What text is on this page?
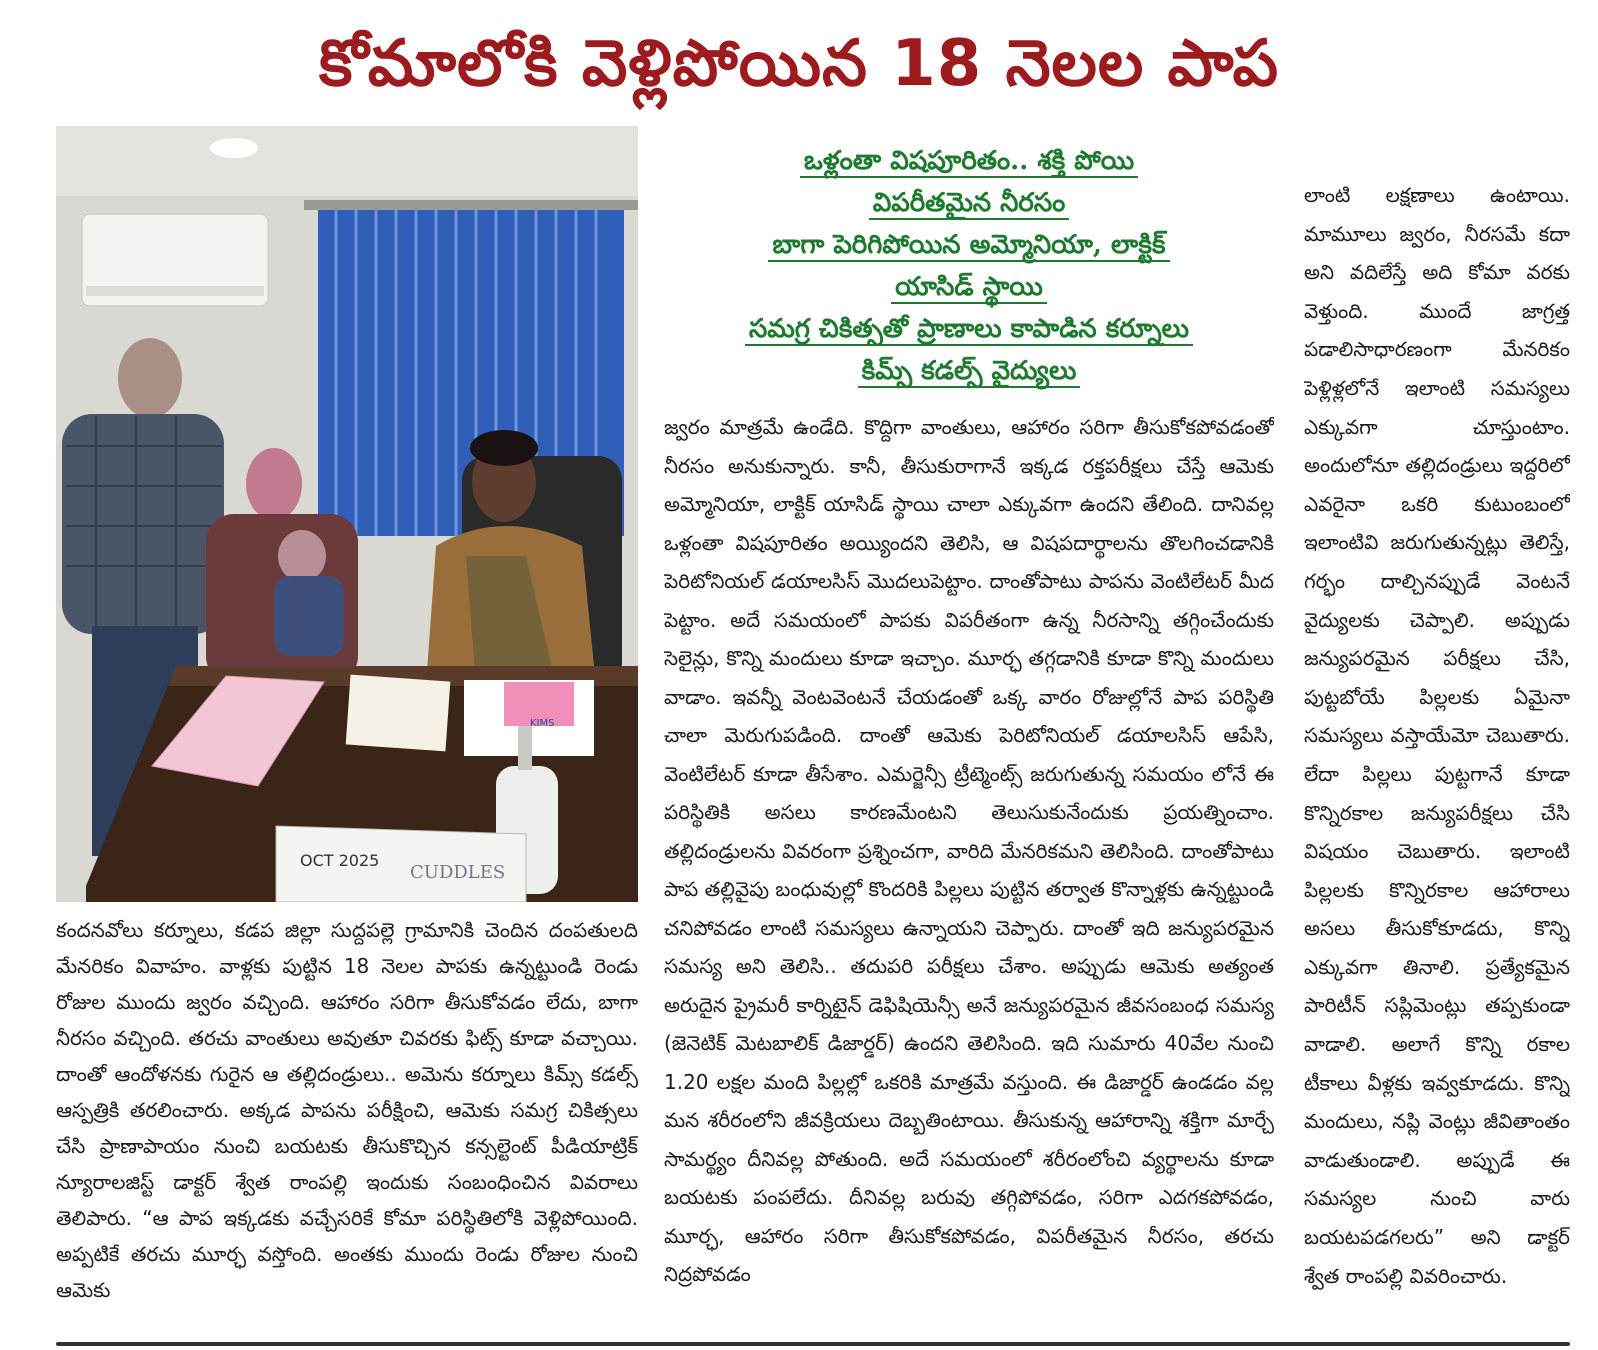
కోమాలోకి వెళ్లిపోయిన 18 నెలల పాప
OCT 2025
CUDDLES
KIMS
ఒళ్లంతా విషపూరితం.. శక్తి పోయి
విపరీతమైన నీరసం
బాగా పెరిగిపోయిన అమ్మోనియా, లాక్టిక్
యాసిడ్ స్థాయి
సమగ్ర చికిత్సతో ప్రాణాలు కాపాడిన కర్నూలు
కిమ్స్ కడల్స్ వైద్యులు

కందనవోలు కర్నూలు, కడప జిల్లా సుద్దపల్లె గ్రామానికి చెందిన దంపతులది మేనరికం వివాహం. వాళ్లకు పుట్టిన 18 నెలల పాపకు ఉన్నట్టుండి రెండు రోజుల ముందు జ్వరం వచ్చింది. ఆహారం సరిగా తీసుకోవడం లేదు, బాగా నీరసం వచ్చింది. తరచు వాంతులు అవుతూ చివరకు ఫిట్స్ కూడా వచ్చాయి. దాంతో ఆందోళనకు గురైన ఆ తల్లిదండ్రులు.. అమెను కర్నూలు కిమ్స్ కడల్స్ ఆస్పత్రికి తరలించారు. అక్కడ పాపను పరీక్షించి, ఆమెకు సమగ్ర చికిత్సలు చేసి ప్రాణాపాయం నుంచి బయటకు తీసుకొచ్చిన కన్సల్టెంట్ పీడియాట్రిక్ న్యూరాలజిస్ట్ డాక్టర్ శ్వేత రాంపల్లి ఇందుకు సంబంధించిన వివరాలు తెలిపారు. “ఆ పాప ఇక్కడకు వచ్చేసరికే కోమా పరిస్థితిలోకి వెళ్లిపోయింది. అప్పటికే తరచు మూర్ఛ వస్తోంది. అంతకు ముందు రెండు రోజుల నుంచి ఆమెకు

జ్వరం మాత్రమే ఉండేది. కొద్దిగా వాంతులు, ఆహారం సరిగా తీసుకోకపోవడంతో నీరసం అనుకున్నారు. కానీ, తీసుకురాగానే ఇక్కడ రక్తపరీక్షలు చేస్తే ఆమెకు అమ్మోనియా, లాక్టిక్ యాసిడ్ స్థాయి చాలా ఎక్కువగా ఉందని తేలింది. దానివల్ల ఒళ్లంతా విషపూరితం అయ్యిందని తెలిసి, ఆ విషపదార్థాలను తొలగించడానికి పెరిటోనియల్ డయాలసిస్ మొదలుపెట్టాం. దాంతోపాటు పాపను వెంటిలేటర్ మీద పెట్టాం. అదే సమయంలో పాపకు విపరీతంగా ఉన్న నీరసాన్ని తగ్గించేందుకు సెలైన్లు, కొన్ని మందులు కూడా ఇచ్చాం. మూర్ఛ తగ్గడానికి కూడా కొన్ని మందులు వాడాం. ఇవన్నీ వెంటవెంటనే చేయడంతో ఒక్క వారం రోజుల్లోనే పాప పరిస్థితి చాలా మెరుగుపడింది. దాంతో ఆమెకు పెరిటోనియల్ డయాలసిస్ ఆపేసి, వెంటిలేటర్ కూడా తీసేశాం. ఎమర్జెన్సీ ట్రీట్మెంట్స్ జరుగుతున్న సమయం లోనే ఈ పరిస్థితికి అసలు కారణమేంటని తెలుసుకునేందుకు ప్రయత్నించాం. తల్లిదండ్రులను వివరంగా ప్రశ్నించగా, వారిది మేనరికమని తెలిసింది. దాంతోపాటు పాప తల్లివైపు బంధువుల్లో కొందరికి పిల్లలు పుట్టిన తర్వాత కొన్నాళ్లకు ఉన్నట్టుండి చనిపోవడం లాంటి సమస్యలు ఉన్నాయని చెప్పారు. దాంతో ఇది జన్యుపరమైన సమస్య అని తెలిసి.. తదుపరి పరీక్షలు చేశాం. అప్పుడు ఆమెకు అత్యంత అరుదైన ప్రైమరీ కార్నిటైన్ డెఫిషియెన్సీ అనే జన్యుపరమైన జీవసంబంధ సమస్య (జెనెటిక్ మెటబాలిక్ డిజార్డర్) ఉందని తెలిసింది. ఇది సుమారు 40వేల నుంచి 1.20 లక్షల మంది పిల్లల్లో ఒకరికి మాత్రమే వస్తుంది. ఈ డిజార్డర్ ఉండడం వల్ల మన శరీరంలోని జీవక్రియలు దెబ్బతింటాయి. తీసుకున్న ఆహారాన్ని శక్తిగా మార్చే సామర్థ్యం దీనివల్ల పోతుంది. అదే సమయంలో శరీరంలోంచి వ్యర్థాలను కూడా బయటకు పంపలేదు. దీనివల్ల బరువు తగ్గిపోవడం, సరిగా ఎదగకపోవడం, మూర్ఛ, ఆహారం సరిగా తీసుకోకపోవడం, విపరీతమైన నీరసం, తరచు నిద్రపోవడం

లాంటి లక్షణాలు ఉంటాయి. మామూలు జ్వరం, నీరసమే కదా అని వదిలేస్తే అది కోమా వరకు వెళ్తుంది. ముందే జాగ్రత్త పడాలిసాధారణంగా మేనరికం పెళ్లిళ్లలోనే ఇలాంటి సమస్యలు ఎక్కువగా చూస్తుంటాం. అందులోనూ తల్లిదండ్రులు ఇద్దరిలో ఎవరైనా ఒకరి కుటుంబంలో ఇలాంటివి జరుగుతున్నట్లు తెలిస్తే, గర్భం దాల్చినప్పుడే వెంటనే వైద్యులకు చెప్పాలి. అప్పుడు జన్యుపరమైన పరీక్షలు చేసి, పుట్టబోయే పిల్లలకు ఏమైనా సమస్యలు వస్తాయేమో చెబుతారు. లేదా పిల్లలు పుట్టగానే కూడా కొన్నిరకాల జన్యుపరీక్షలు చేసి విషయం చెబుతారు. ఇలాంటి పిల్లలకు కొన్నిరకాల ఆహారాలు అసలు తీసుకోకూడదు, కొన్ని ఎక్కువగా తినాలి. ప్రత్యేకమైన పారిటీన్ సప్లిమెంట్లు తప్పకుండా వాడాలి. అలాగే కొన్ని రకాల టీకాలు వీళ్లకు ఇవ్వకూడదు. కొన్ని మందులు, నప్లి వెంట్లు జీవితాంతం వాడుతుండాలి. అప్పుడే ఈ సమస్యల నుంచి వారు బయటపడగలరు” అని డాక్టర్ శ్వేత రాంపల్లి వివరించారు.
